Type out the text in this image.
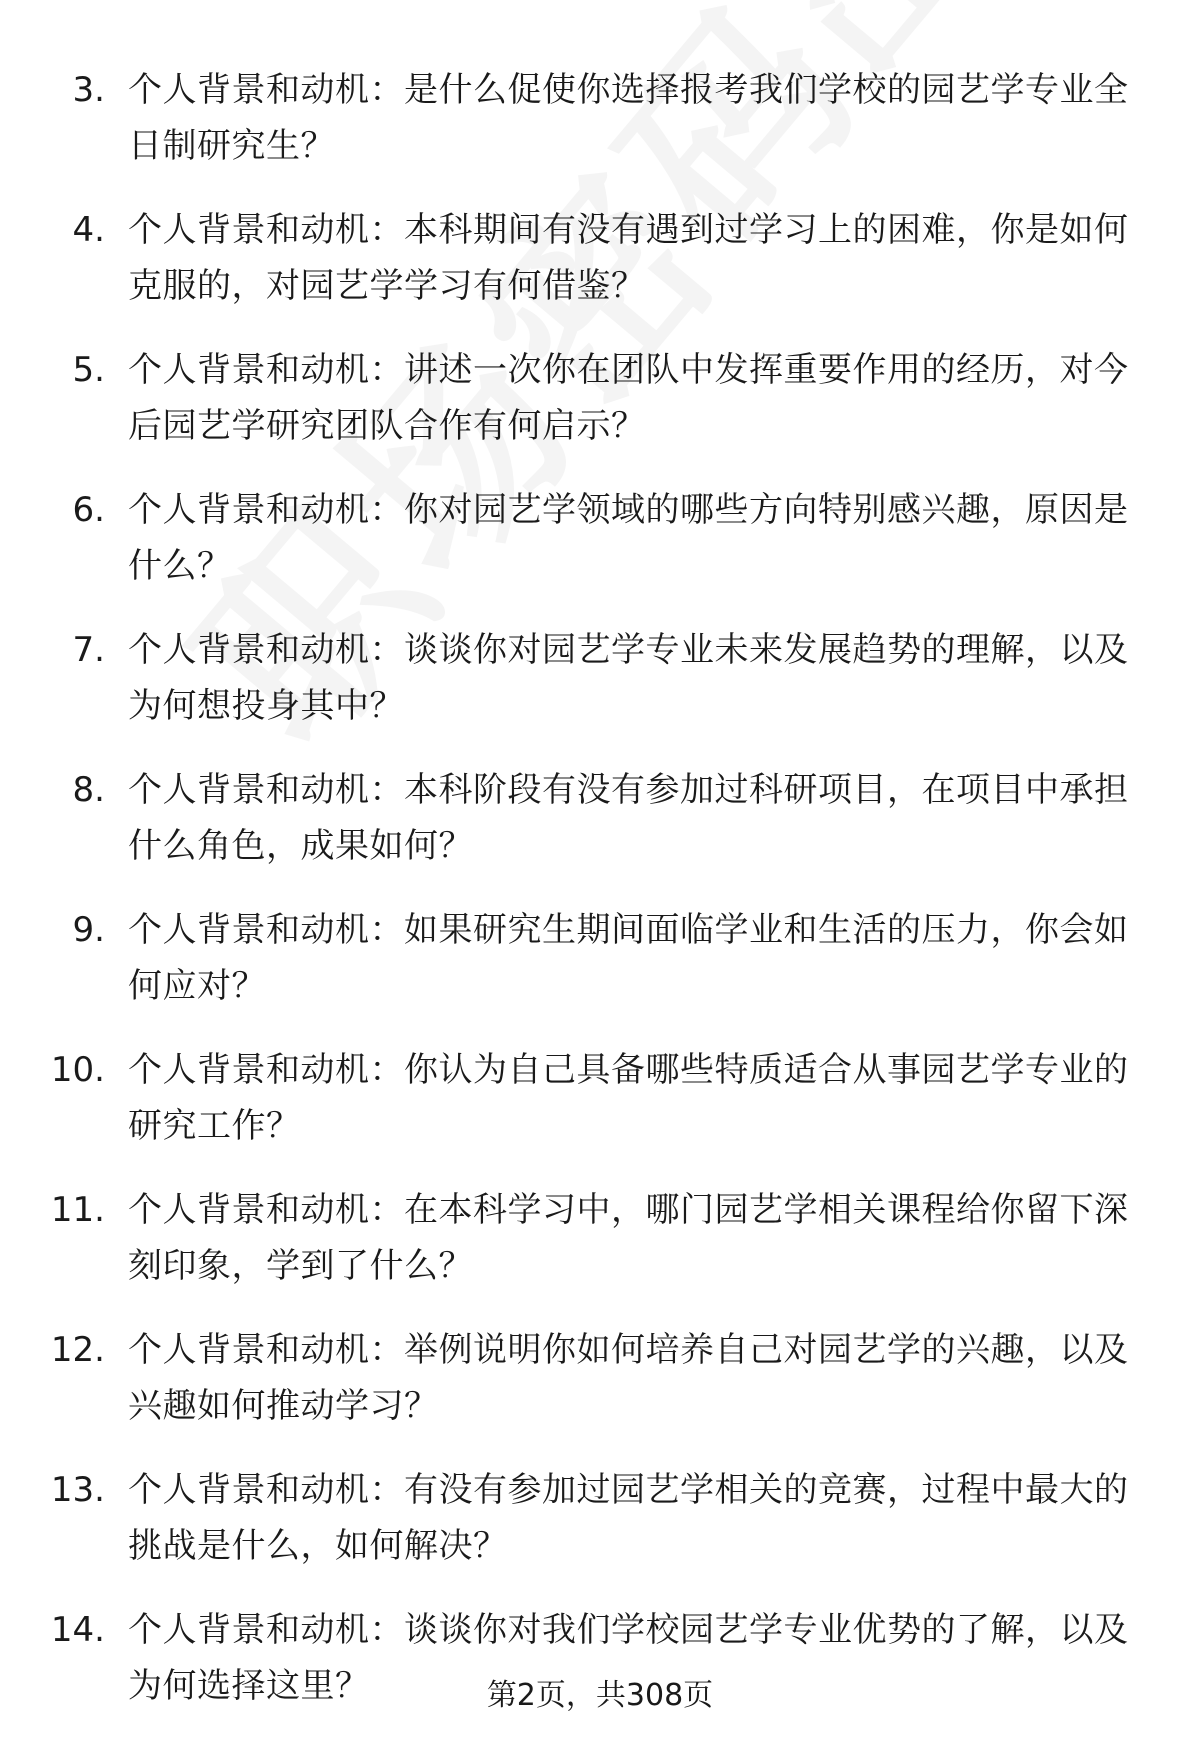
3. 个人背景和动机：是什么促使你选择报考我们学校的园艺学专业全日制研究生？
4. 个人背景和动机：本科期间有没有遇到过学习上的困难，你是如何克服的，对园艺学学习有何借鉴？
5. 个人背景和动机：讲述一次你在团队中发挥重要作用的经历，对今后园艺学研究团队合作有何启示？
6. 个人背景和动机：你对园艺学领域的哪些方向特别感兴趣，原因是什么？
7. 个人背景和动机：谈谈你对园艺学专业未来发展趋势的理解，以及为何想投身其中？
8. 个人背景和动机：本科阶段有没有参加过科研项目，在项目中承担什么角色，成果如何？
9. 个人背景和动机：如果研究生期间面临学业和生活的压力，你会如何应对？
10. 个人背景和动机：你认为自己具备哪些特质适合从事园艺学专业的研究工作？
11. 个人背景和动机：在本科学习中，哪门园艺学相关课程给你留下深刻印象，学到了什么？
12. 个人背景和动机：举例说明你如何培养自己对园艺学的兴趣，以及兴趣如何推动学习？
13. 个人背景和动机：有没有参加过园艺学相关的竞赛，过程中最大的挑战是什么，如何解决？
14. 个人背景和动机：谈谈你对我们学校园艺学专业优势的了解，以及为何选择这里？	第2页，共308页
